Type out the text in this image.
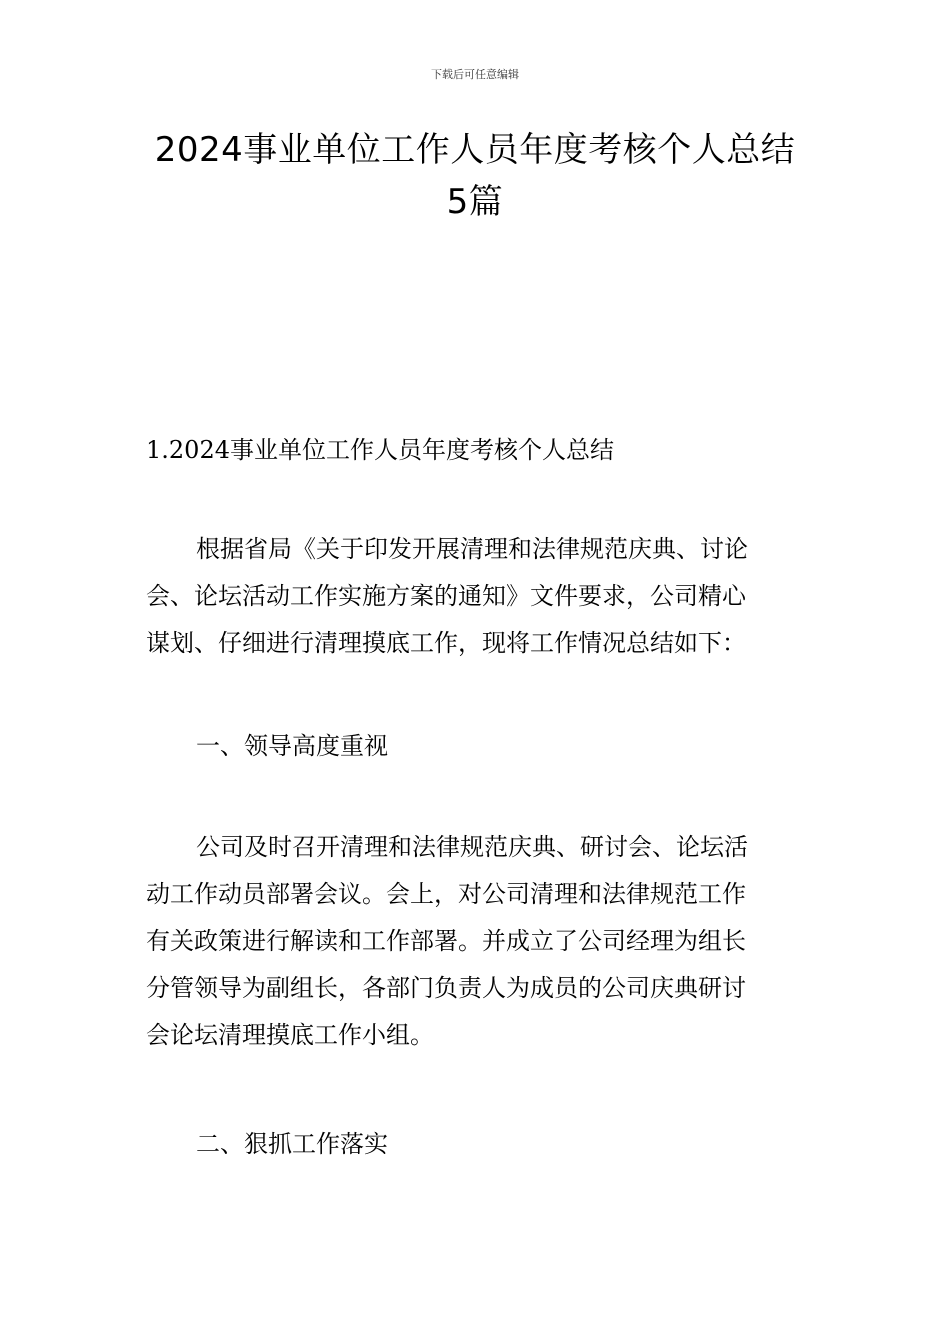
下载后可任意编辑
2024事业单位工作人员年度考核个人总结
5篇
1.2024事业单位工作人员年度考核个人总结
根据省局《关于印发开展清理和法律规范庆典、讨论
会、论坛活动工作实施方案的通知》文件要求，公司精心
谋划、仔细进行清理摸底工作，现将工作情况总结如下：
一、领导高度重视
公司及时召开清理和法律规范庆典、研讨会、论坛活
动工作动员部署会议。会上，对公司清理和法律规范工作
有关政策进行解读和工作部署。并成立了公司经理为组长
分管领导为副组长，各部门负责人为成员的公司庆典研讨
会论坛清理摸底工作小组。
二、狠抓工作落实
